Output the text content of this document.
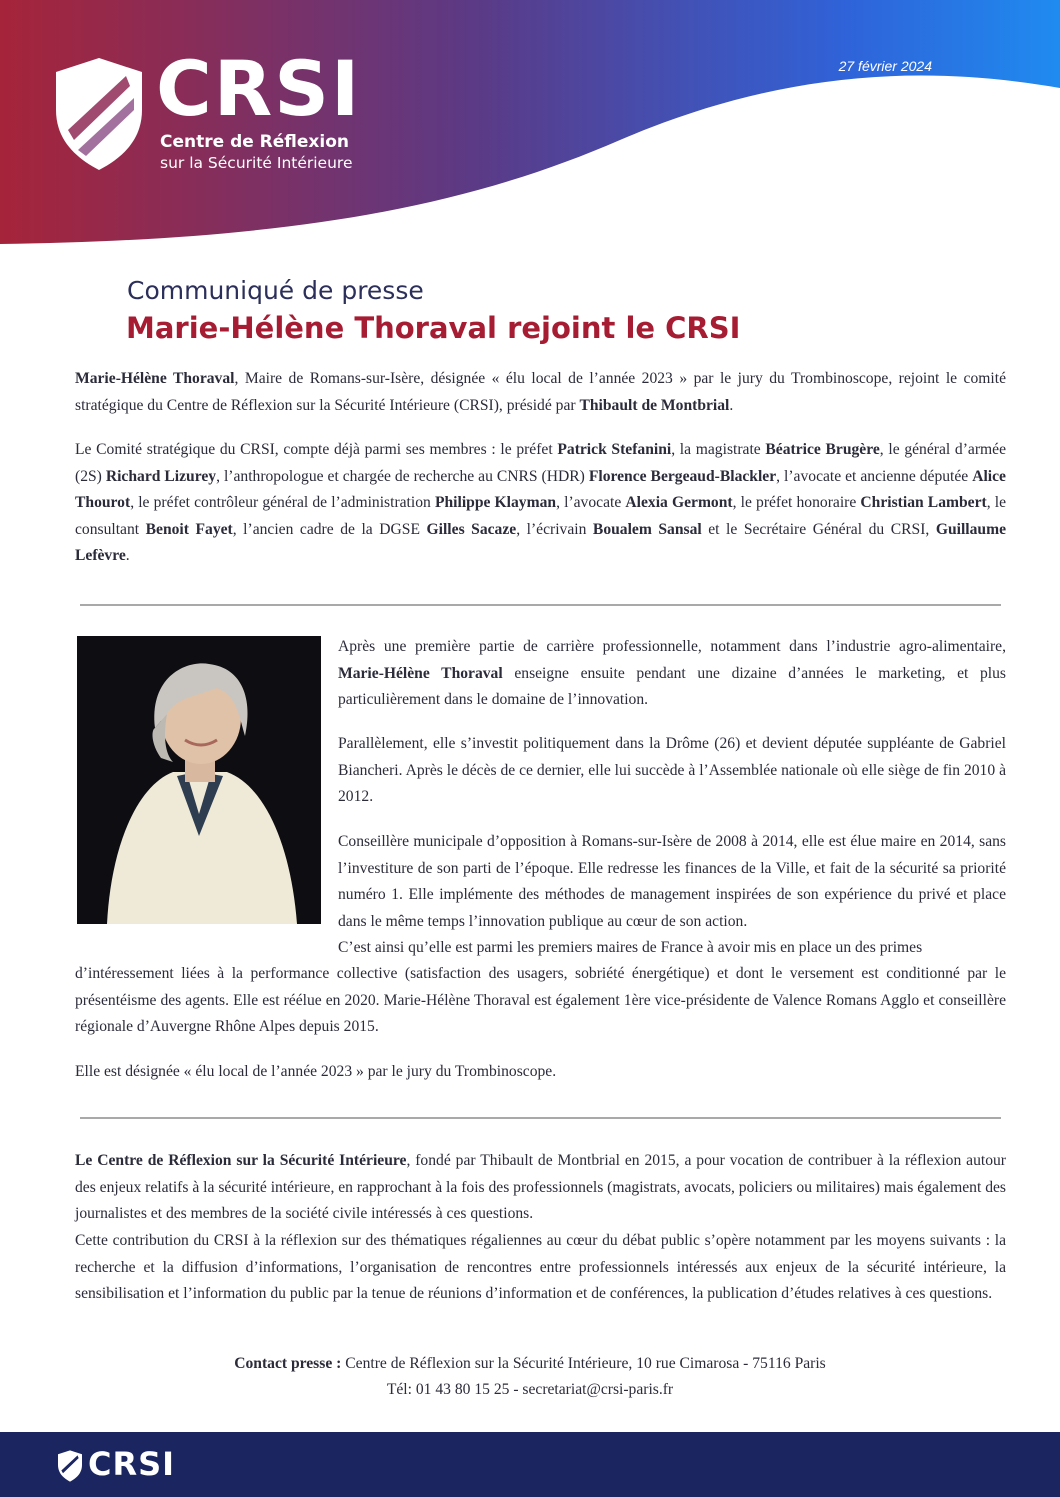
CRSI
Centre de Réflexion
sur la Sécurité Intérieure
27 février 2024
Communiqué de presse
Marie-Hélène Thoraval rejoint le CRSI

Marie-Hélène Thoraval, Maire de Romans-sur-Isère, désignée « élu local de l’année 2023 » par le jury du Trombinoscope, rejoint le comité stratégique du Centre de Réflexion sur la Sécurité Intérieure (CRSI), présidé par Thibault de Montbrial.

Le Comité stratégique du CRSI, compte déjà parmi ses membres : le préfet Patrick Stefanini, la magistrate Béatrice Brugère, le général d’armée (2S) Richard Lizurey, l’anthropologue et chargée de recherche au CNRS (HDR) Florence Bergeaud-Blackler, l’avocate et ancienne députée Alice Thourot, le préfet contrôleur général de l’administration Philippe Klayman, l’avocate Alexia Germont, le préfet honoraire Christian Lambert, le consultant Benoit Fayet, l’ancien cadre de la DGSE Gilles Sacaze, l’écrivain Boualem Sansal et le Secrétaire Général du CRSI, Guillaume Lefèvre.

Après une première partie de carrière professionnelle, notamment dans l’industrie agro-alimentaire, Marie-Hélène Thoraval enseigne ensuite pendant une dizaine d’années le marketing, et plus particulièrement dans le domaine de l’innovation.

Parallèlement, elle s’investit politiquement dans la Drôme (26) et devient députée suppléante de Gabriel Biancheri. Après le décès de ce dernier, elle lui succède à l’Assemblée nationale où elle siège de fin 2010 à 2012.

Conseillère municipale d’opposition à Romans-sur-Isère de 2008 à 2014, elle est élue maire en 2014, sans l’investiture de son parti de l’époque. Elle redresse les finances de la Ville, et fait de la sécurité sa priorité numéro 1. Elle implémente des méthodes de management inspirées de son expérience du privé et place dans le même temps l’innovation publique au cœur de son action.

C’est ainsi qu’elle est parmi les premiers maires de France à avoir mis en place un des primes

d’intéressement liées à la performance collective (satisfaction des usagers, sobriété énergétique) et dont le versement est conditionné par le présentéisme des agents. Elle est réélue en 2020. Marie-Hélène Thoraval est également 1ère vice-présidente de Valence Romans Agglo et conseillère régionale d’Auvergne Rhône Alpes depuis 2015.

Elle est désignée « élu local de l’année 2023 » par le jury du Trombinoscope.

Le Centre de Réflexion sur la Sécurité Intérieure, fondé par Thibault de Montbrial en 2015, a pour vocation de contribuer à la réflexion autour des enjeux relatifs à la sécurité intérieure, en rapprochant à la fois des professionnels (magistrats, avocats, policiers ou militaires) mais également des journalistes et des membres de la société civile intéressés à ces questions.

Cette contribution du CRSI à la réflexion sur des thématiques régaliennes au cœur du débat public s’opère notamment par les moyens suivants : la recherche et la diffusion d’informations, l’organisation de rencontres entre professionnels intéressés aux enjeux de la sécurité intérieure, la sensibilisation et l’information du public par la tenue de réunions d’information et de conférences, la publication d’études relatives à ces questions.

Contact presse : Centre de Réflexion sur la Sécurité Intérieure, 10 rue Cimarosa - 75116 Paris
Tél: 01 43 80 15 25 - secretariat@crsi-paris.fr
CRSI
